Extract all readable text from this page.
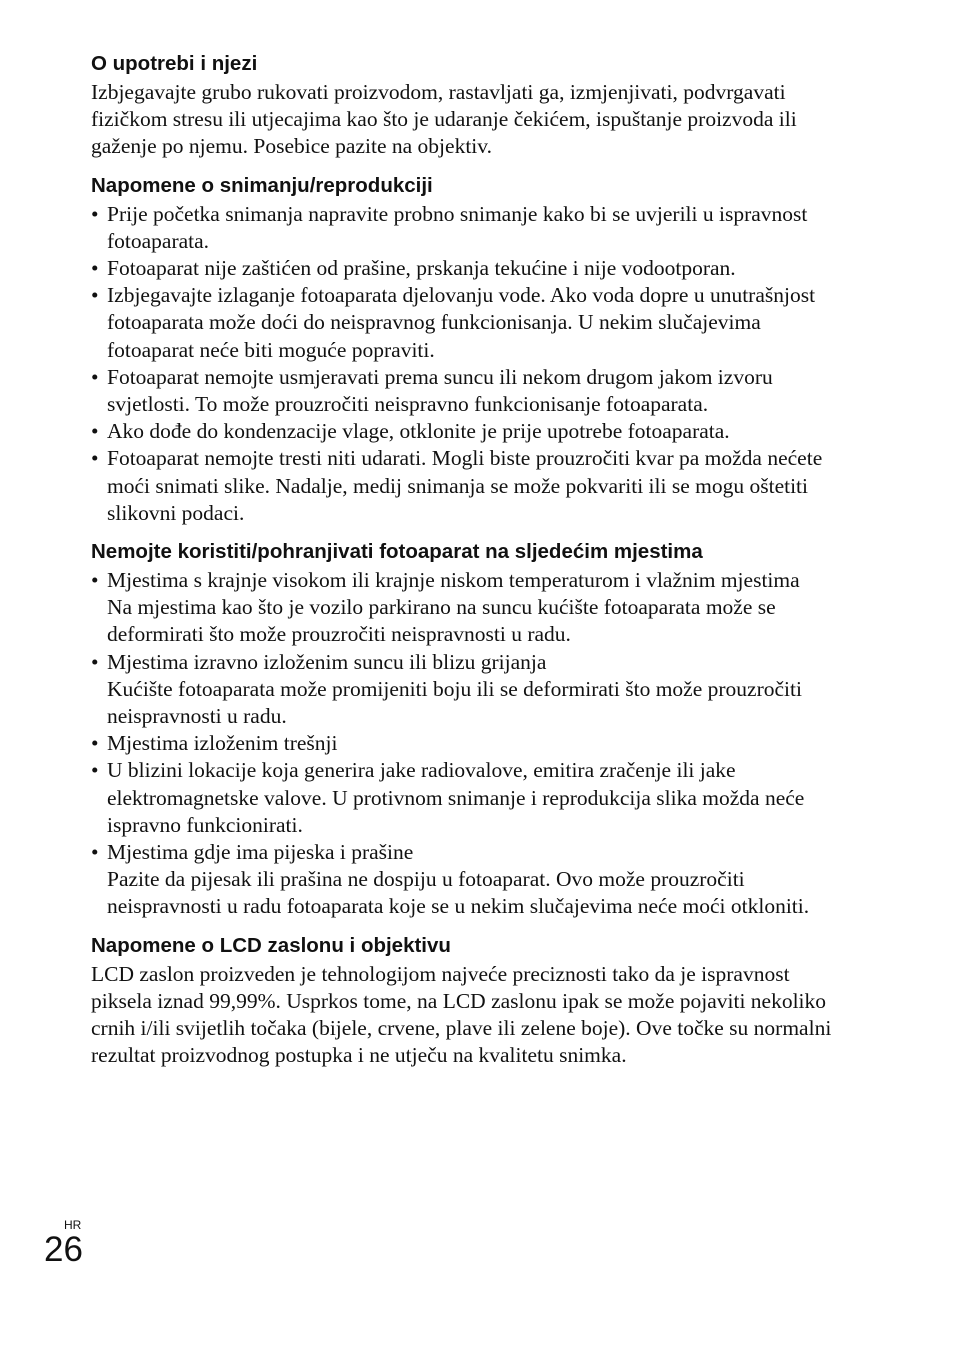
O upotrebi i njezi

Izbjegavajte grubo rukovati proizvodom, rastavljati ga, izmjenjivati, podvrgavati fizičkom stresu ili utjecajima kao što je udaranje čekićem, ispuštanje proizvoda ili gaženje po njemu. Posebice pazite na objektiv.

Napomene o snimanju/reprodukciji
• Prije početka snimanja napravite probno snimanje kako bi se uvjerili u ispravnost fotoaparata.
• Fotoaparat nije zaštićen od prašine, prskanja tekućine i nije vodootporan.
• Izbjegavajte izlaganje fotoaparata djelovanju vode. Ako voda dopre u unutrašnjost fotoaparata može doći do neispravnog funkcionisanja. U nekim slučajevima fotoaparat neće biti moguće popraviti.
• Fotoaparat nemojte usmjeravati prema suncu ili nekom drugom jakom izvoru svjetlosti. To može prouzročiti neispravno funkcionisanje fotoaparata.
• Ako dođe do kondenzacije vlage, otklonite je prije upotrebe fotoaparata.
• Fotoaparat nemojte tresti niti udarati. Mogli biste prouzročiti kvar pa možda nećete moći snimati slike. Nadalje, medij snimanja se može pokvariti ili se mogu oštetiti slikovni podaci.
Nemojte koristiti/pohranjivati fotoaparat na sljedećim mjestima
• Mjestima s krajnje visokom ili krajnje niskom temperaturom i vlažnim mjestima
Na mjestima kao što je vozilo parkirano na suncu kućište fotoaparata može se deformirati što može prouzročiti neispravnosti u radu.
• Mjestima izravno izloženim suncu ili blizu grijanja
Kućište fotoaparata može promijeniti boju ili se deformirati što može prouzročiti neispravnosti u radu.
• Mjestima izloženim trešnji
• U blizini lokacije koja generira jake radiovalove, emitira zračenje ili jake elektromagnetske valove. U protivnom snimanje i reprodukcija slika možda neće ispravno funkcionirati.
• Mjestima gdje ima pijeska i prašine
Pazite da pijesak ili prašina ne dospiju u fotoaparat. Ovo može prouzročiti neispravnosti u radu fotoaparata koje se u nekim slučajevima neće moći otkloniti.
Napomene o LCD zaslonu i objektivu

LCD zaslon proizveden je tehnologijom najveće preciznosti tako da je ispravnost piksela iznad 99,99%. Usprkos tome, na LCD zaslonu ipak se može pojaviti nekoliko crnih i/ili svijetlih točaka (bijele, crvene, plave ili zelene boje). Ove točke su normalni rezultat proizvodnog postupka i ne utječu na kvalitetu snimka.

HR
26
